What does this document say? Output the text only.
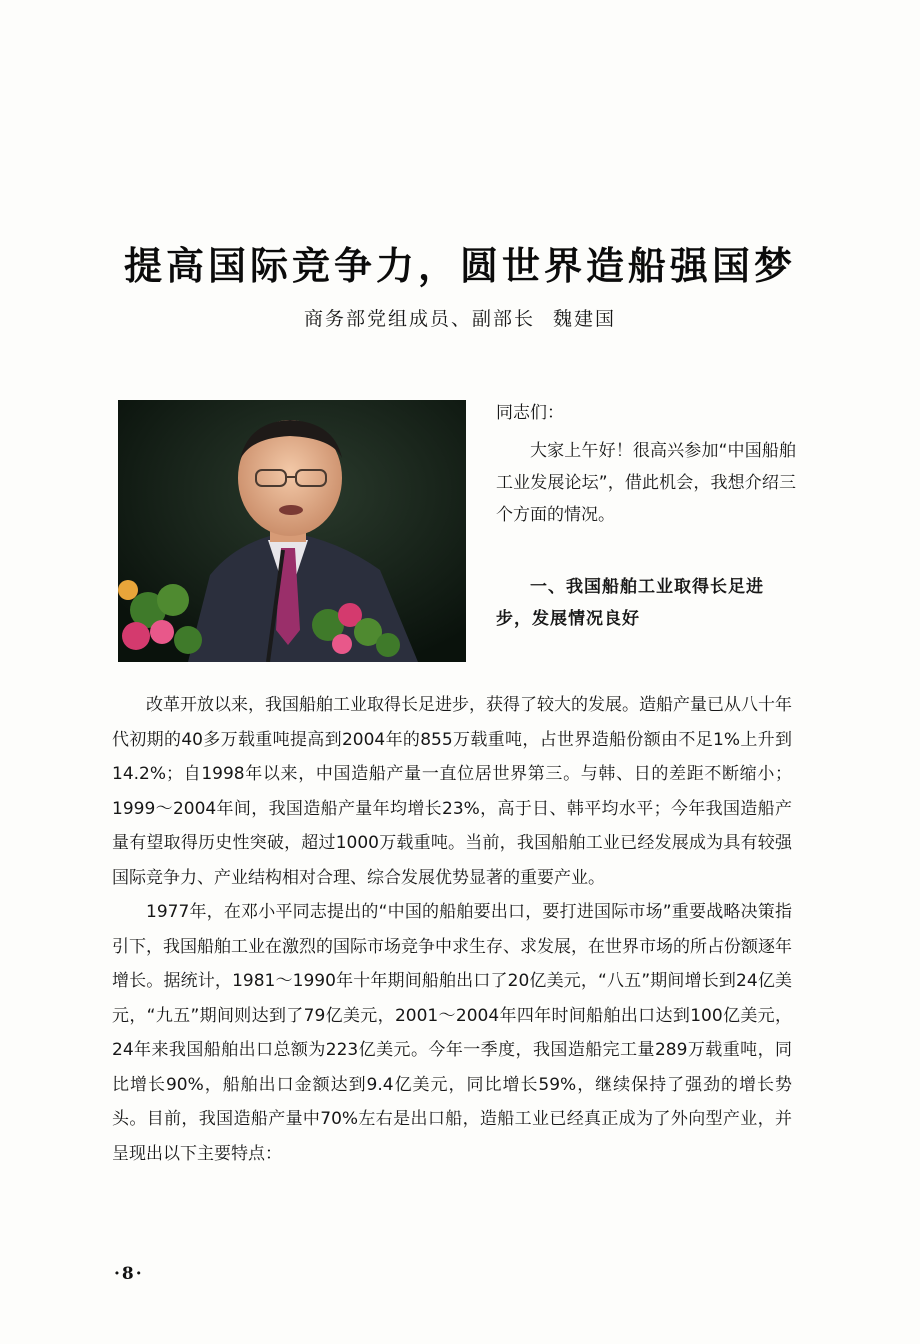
提高国际竞争力，圆世界造船强国梦
商务部党组成员、副部长 魏建国

同志们：

大家上午好！很高兴参加“中国船舶工业发展论坛”，借此机会，我想介绍三个方面的情况。

一、我国船舶工业取得长足进步，发展情况良好

改革开放以来，我国船舶工业取得长足进步，获得了较大的发展。造船产量已从八十年代初期的40多万载重吨提高到2004年的855万载重吨，占世界造船份额由不足1%上升到14.2%；自1998年以来，中国造船产量一直位居世界第三。与韩、日的差距不断缩小；1999～2004年间，我国造船产量年均增长23%，高于日、韩平均水平；今年我国造船产量有望取得历史性突破，超过1000万载重吨。当前，我国船舶工业已经发展成为具有较强国际竞争力、产业结构相对合理、综合发展优势显著的重要产业。

1977年，在邓小平同志提出的“中国的船舶要出口，要打进国际市场”重要战略决策指引下，我国船舶工业在激烈的国际市场竞争中求生存、求发展，在世界市场的所占份额逐年增长。据统计，1981～1990年十年期间船舶出口了20亿美元，“八五”期间增长到24亿美元，“九五”期间则达到了79亿美元，2001～2004年四年时间船舶出口达到100亿美元，24年来我国船舶出口总额为223亿美元。今年一季度，我国造船完工量289万载重吨，同比增长90%，船舶出口金额达到9.4亿美元，同比增长59%，继续保持了强劲的增长势头。目前，我国造船产量中70%左右是出口船，造船工业已经真正成为了外向型产业，并呈现出以下主要特点：

·8·
